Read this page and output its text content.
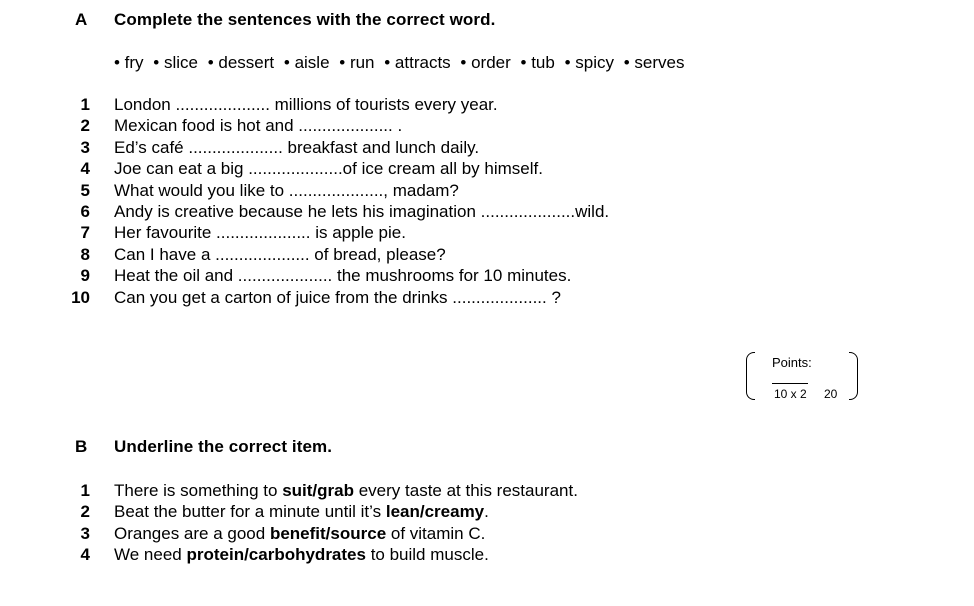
A Complete the sentences with the correct word.
• fry • slice • dessert • aisle • run • attracts • order • tub • spicy • serves
1 London .................... millions of tourists every year.
2 Mexican food is hot and .................... .
3 Ed’s café .................... breakfast and lunch daily.
4 Joe can eat a big ....................of ice cream all by himself.
5 What would you like to ...................., madam?
6 Andy is creative because he lets his imagination ....................wild.
7 Her favourite .................... is apple pie.
8 Can I have a .................... of bread, please?
9 Heat the oil and .................... the mushrooms for 10 minutes.
10 Can you get a carton of juice from the drinks .................... ?
Points:
10 x 2 20
B Underline the correct item.
1 There is something to suit/grab every taste at this restaurant.
2 Beat the butter for a minute until it’s lean/creamy.
3 Oranges are a good benefit/source of vitamin C.
4 We need protein/carbohydrates to build muscle.
